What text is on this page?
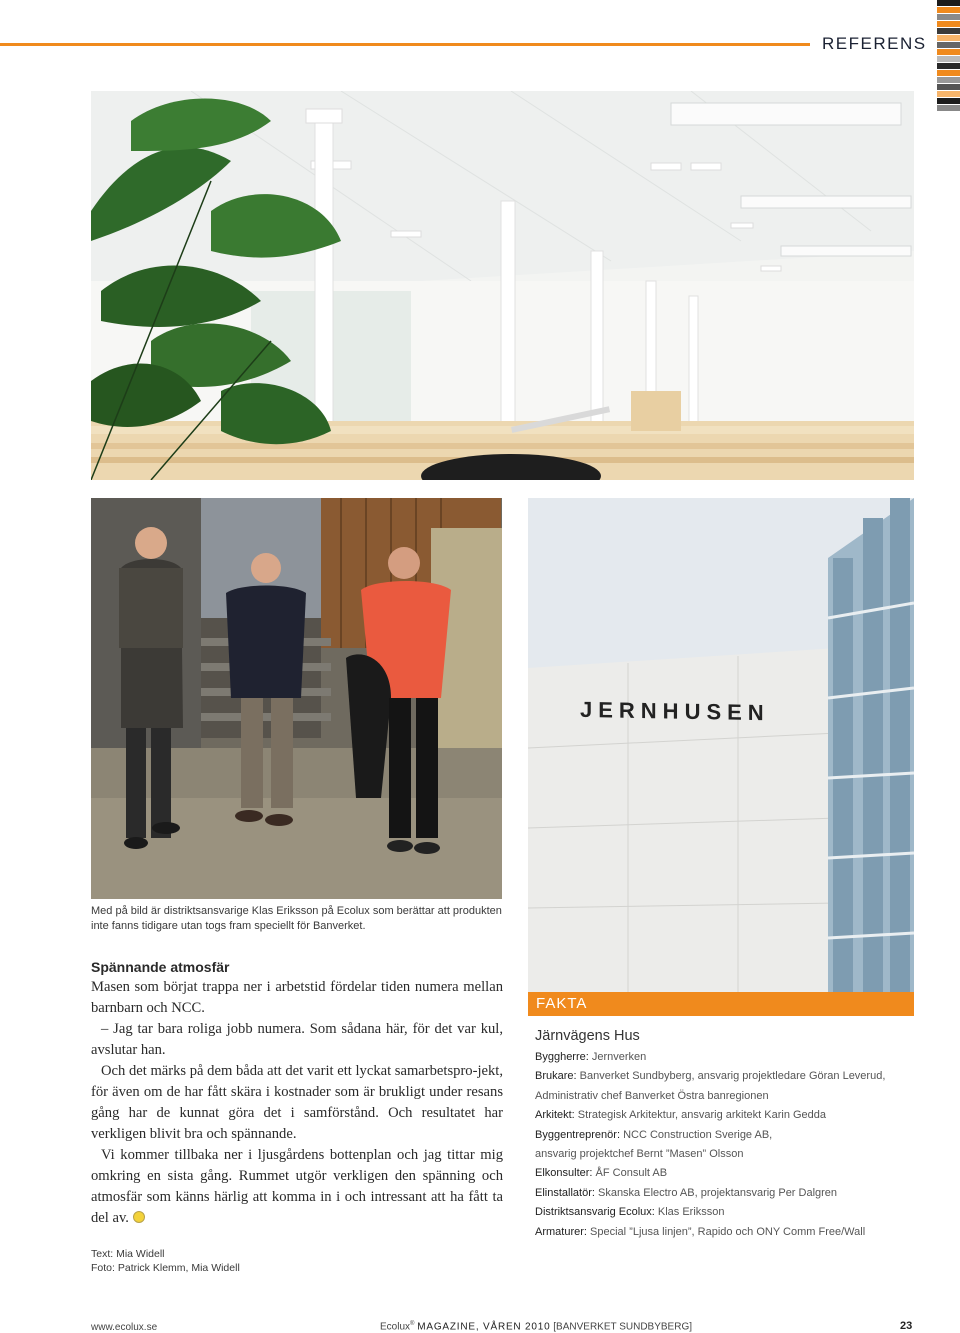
REFERENS
JERNHUSEN
Med på bild är distriktsansvarige Klas Eriksson på Ecolux som berättar att produkten inte fanns tidigare utan togs fram speciellt för Banverket.
Spännande atmosfär

Masen som börjat trappa ner i arbetstid fördelar tiden numera mellan barnbarn och NCC.

– Jag tar bara roliga jobb numera. Som sådana här, för det var kul, avslutar han.

Och det märks på dem båda att det varit ett lyckat samarbetspro-jekt, för även om de har fått skära i kostnader som är brukligt under resans gång har de kunnat göra det i samförstånd. Och resultatet har verkligen blivit bra och spännande.

Vi kommer tillbaka ner i ljusgårdens bottenplan och jag tittar mig omkring en sista gång. Rummet utgör verkligen den spänning och atmosfär som känns härlig att komma in i och intressant att ha fått ta del av.

Text: Mia Widell
Foto: Patrick Klemm, Mia Widell
FAKTA
Järnvägens Hus
Byggherre: Jernverken
Brukare: Banverket Sundbyberg, ansvarig projektledare Göran Leverud,
Administrativ chef Banverket Östra banregionen
Arkitekt: Strategisk Arkitektur, ansvarig arkitekt Karin Gedda
Byggentreprenör: NCC Construction Sverige AB,
ansvarig projektchef Bernt ”Masen” Olsson
Elkonsulter: ÅF Consult AB
Elinstallatör: Skanska Electro AB, projektansvarig Per Dalgren
Distriktsansvarig Ecolux: Klas Eriksson
Armaturer: Special ”Ljusa linjen”, Rapido och ONY Comm Free/Wall
www.ecolux.se	Ecolux® MAGAZINE, VÅREN 2010 [BANVERKET SUNDBYBERG]	23
